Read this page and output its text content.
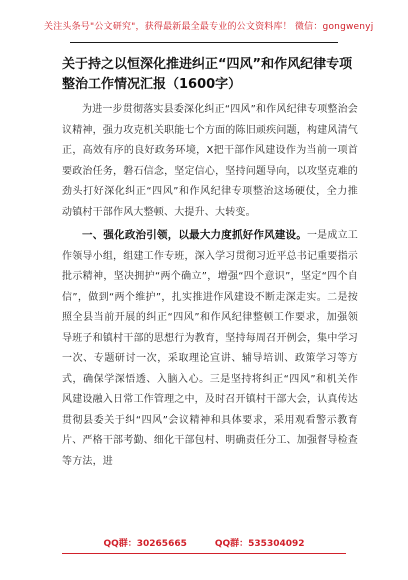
关注头条号"公文研究"，获得最新最全最专业的公文资料库！ 微信：gongwenyj
关于持之以恒深化推进纠正“四风”和作风纪律专项整治工作情况汇报（1600字）

为进一步贯彻落实县委深化纠正“四风”和作风纪律专项整治会议精神，强力攻克机关职能七个方面的陈旧顽疾问题，构建风清气正，高效有序的良好政务环境，X把干部作风建设作为当前一项首要政治任务，磐石信念，坚定信心，坚持问题导向，以攻坚克难的劲头打好深化纠正“四风”和作风纪律专项整治这场硬仗，全力推动镇村干部作风大整顿、大提升、大转变。

一、强化政治引领，以最大力度抓好作风建设。一是成立工作领导小组，组建工作专班，深入学习贯彻习近平总书记重要指示批示精神，坚决拥护“两个确立”，增强“四个意识”，坚定“四个自信”，做到“两个维护”，扎实推进作风建设不断走深走实。二是按照全县当前开展的纠正“四风”和作风纪律整顿工作要求，加强领导班子和镇村干部的思想行为教育，坚持每周召开例会，集中学习一次、专题研讨一次，采取理论宣讲、辅导培训、政策学习等方式，确保学深悟透、入脑入心。三是坚持将纠正“四风”和机关作风建设融入日常工作管理之中，及时召开镇村干部大会，认真传达贯彻县委关于纠“四风”会议精神和具体要求，采用观看警示教育片、严格干部考勤、细化干部包村、明确责任分工、加强督导检查等方法，进

QQ群：30265665	QQ群：535304092
